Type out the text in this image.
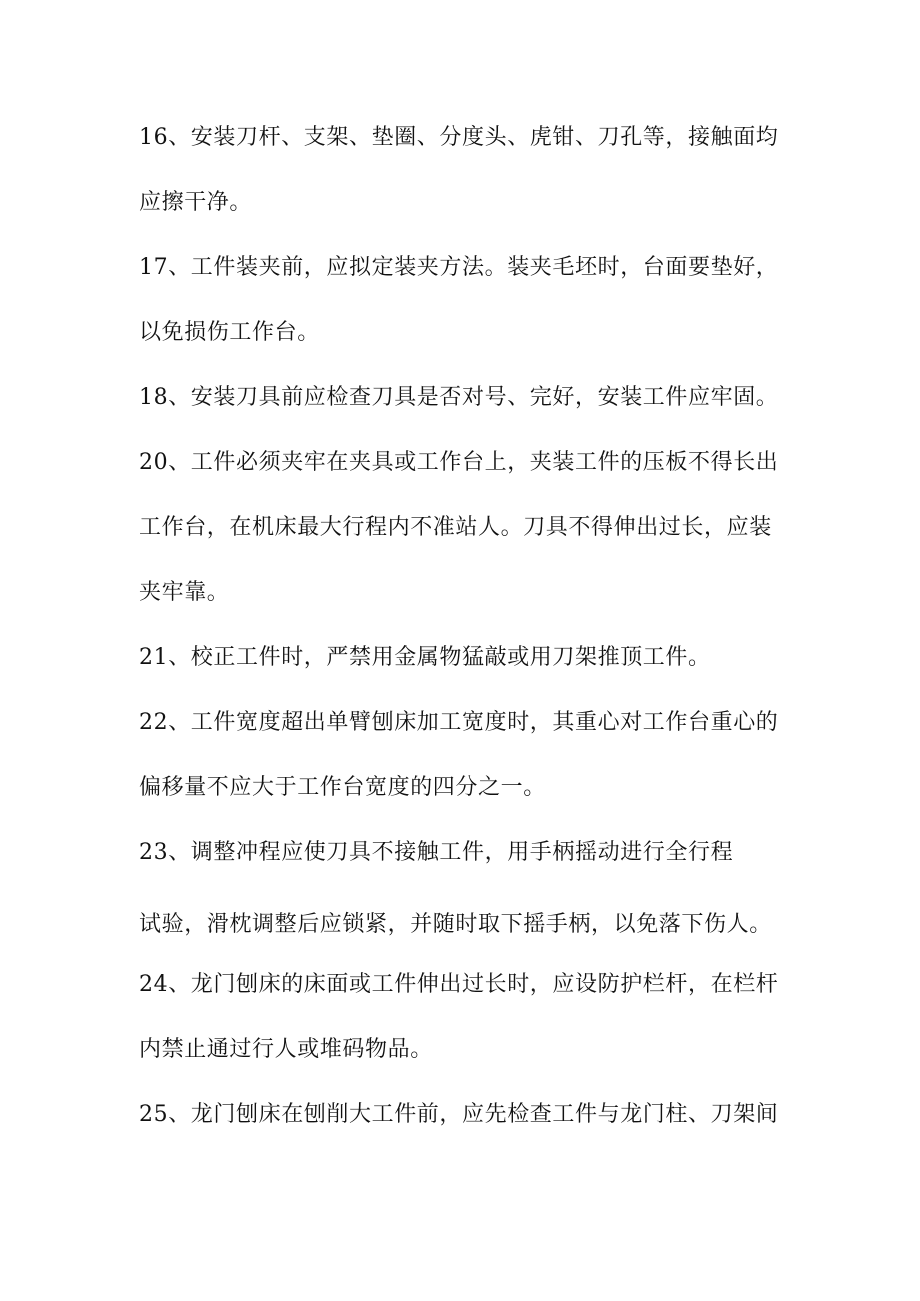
16、安装刀杆、支架、垫圈、分度头、虎钳、刀孔等，接触面均
应擦干净。
17、工件装夹前，应拟定装夹方法。装夹毛坯时，台面要垫好，
以免损伤工作台。
18、安装刀具前应检查刀具是否对号、完好，安装工件应牢固。
20、工件必须夹牢在夹具或工作台上，夹装工件的压板不得长出
工作台，在机床最大行程内不准站人。刀具不得伸出过长，应装
夹牢靠。
21、校正工件时，严禁用金属物猛敲或用刀架推顶工件。
22、工件宽度超出单臂刨床加工宽度时，其重心对工作台重心的
偏移量不应大于工作台宽度的四分之一。
23、调整冲程应使刀具不接触工件，用手柄摇动进行全行程
试验，滑枕调整后应锁紧，并随时取下摇手柄，以免落下伤人。
24、龙门刨床的床面或工件伸出过长时，应设防护栏杆，在栏杆
内禁止通过行人或堆码物品。
25、龙门刨床在刨削大工件前，应先检查工件与龙门柱、刀架间
